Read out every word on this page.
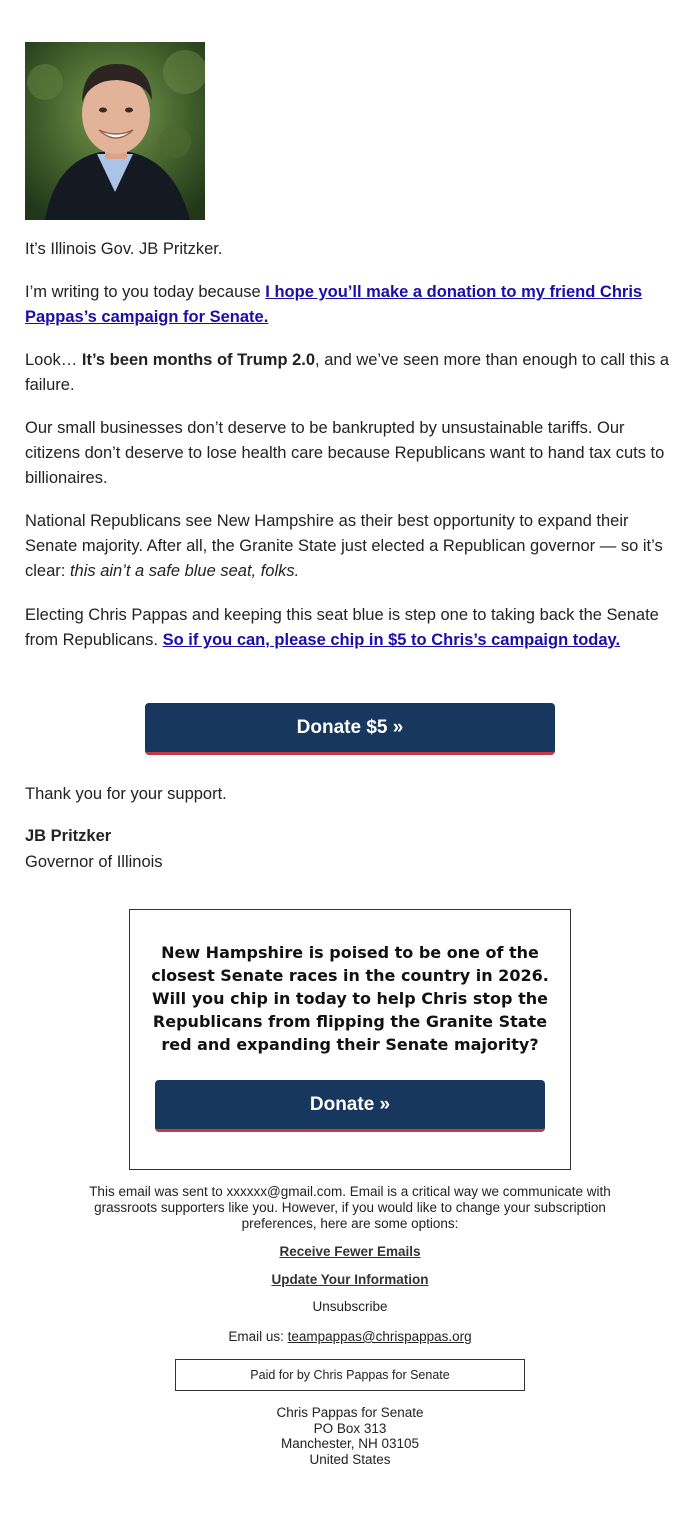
It’s Illinois Gov. JB Pritzker.

I’m writing to you today because I hope you’ll make a donation to my friend Chris Pappas’s campaign for Senate.

Look… It’s been months of Trump 2.0, and we’ve seen more than enough to call this a failure.

Our small businesses don’t deserve to be bankrupted by unsustainable tariffs. Our citizens don’t deserve to lose health care because Republicans want to hand tax cuts to billionaires.

National Republicans see New Hampshire as their best opportunity to expand their Senate majority. After all, the Granite State just elected a Republican governor — so it’s clear: this ain’t a safe blue seat, folks.

Electing Chris Pappas and keeping this seat blue is step one to taking back the Senate from Republicans. So if you can, please chip in $5 to Chris’s campaign today.

Donate $5 »

Thank you for your support.

JB Pritzker

Governor of Illinois

New Hampshire is poised to be one of the closest Senate races in the country in 2026. Will you chip in today to help Chris stop the Republicans from flipping the Granite State red and expanding their Senate majority?
Donate »
This email was sent to xxxxxx@gmail.com. Email is a critical way we communicate with grassroots supporters like you. However, if you would like to change your subscription preferences, here are some options:
Receive Fewer Emails
Update Your Information
Unsubscribe
Email us: teampappas@chrispappas.org
Paid for by Chris Pappas for Senate
Chris Pappas for Senate
PO Box 313
Manchester, NH 03105
United States
